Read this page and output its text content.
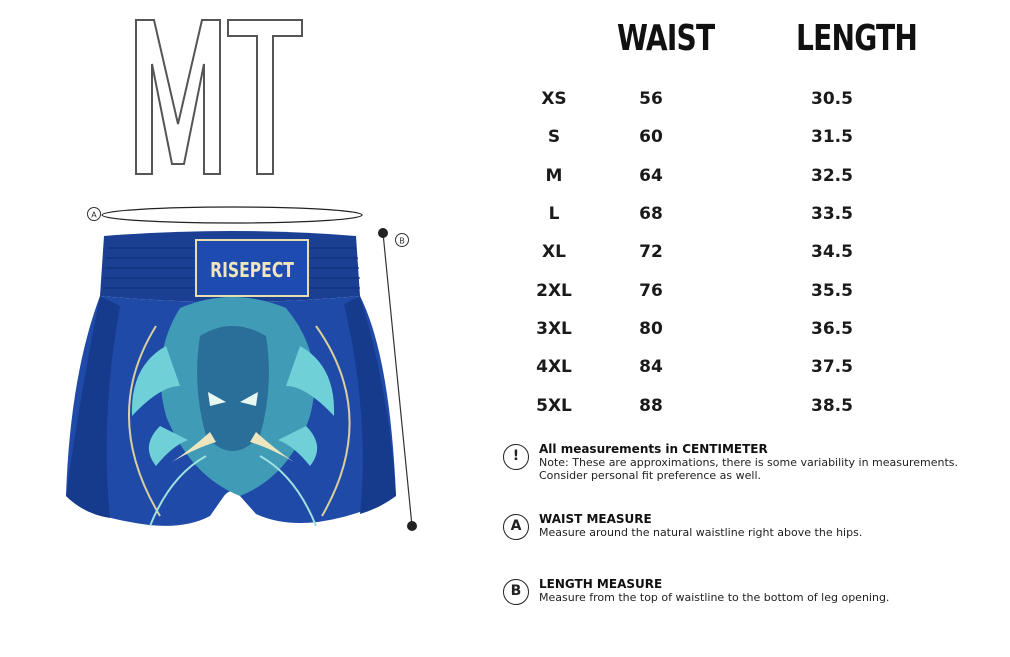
A
B
RISEPECT
WAIST LENGTH
XS	56	30.5
S	60	31.5
M	64	32.5
L	68	33.5
XL	72	34.5
2XL	76	35.5
3XL	80	36.5
4XL	84	37.5
5XL	88	38.5
!	All measurements in CENTIMETER
Note: These are approximations, there is some variability in measurements.
Consider personal fit preference as well.
A	WAIST MEASURE
Measure around the natural waistline right above the hips.
B	LENGTH MEASURE
Measure from the top of waistline to the bottom of leg opening.
